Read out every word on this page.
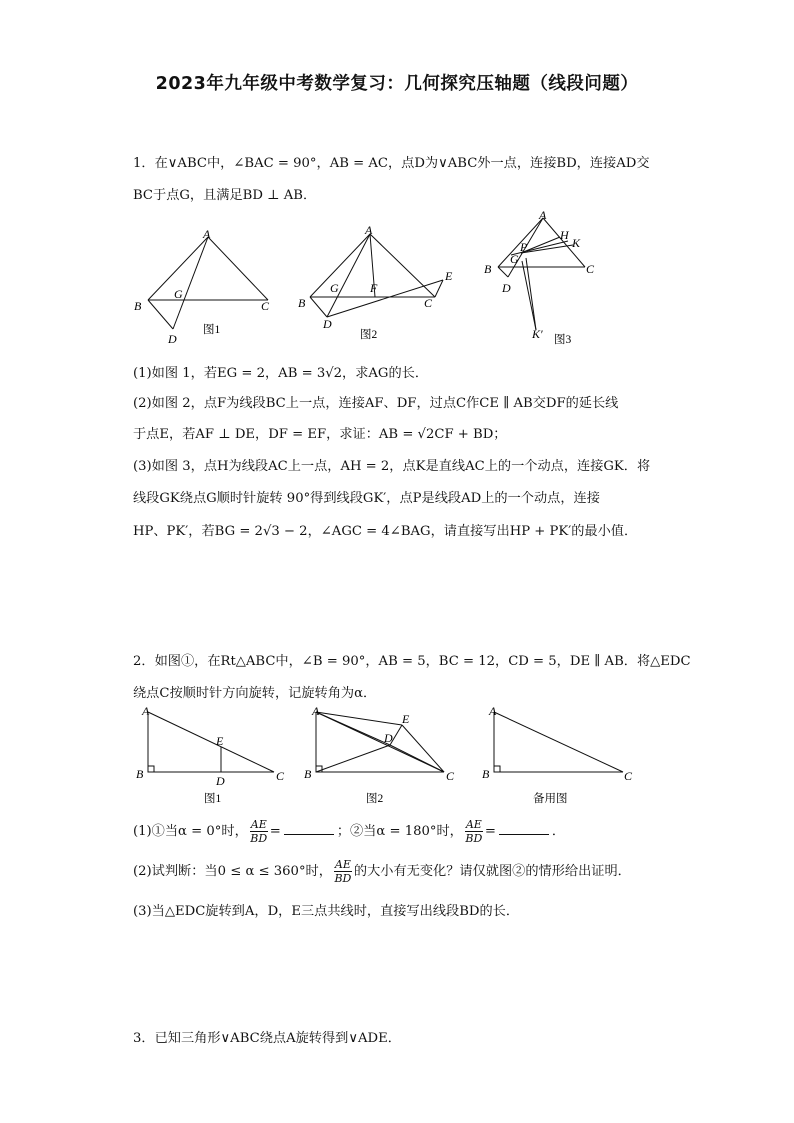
2023年九年级中考数学复习：几何探究压轴题（线段问题）
1．在∨ABC中，∠BAC = 90°，AB = AC，点D为∨ABC外一点，连接BD，连接AD交
BC于点G，且满足BD ⊥ AB．
A
B	C
D
G
图1
A
B	C
D
G	F
E
图2
A
B	C
D
G
P
H
K
K′ 图3
(1)如图 1，若EG = 2，AB = 3√2，求AG的长．
(2)如图 2，点F为线段BC上一点，连接AF、DF，过点C作CE ∥ AB交DF的延长线
于点E，若AF ⊥ DE，DF = EF，求证：AB = √2CF + BD；
(3)如图 3，点H为线段AC上一点，AH = 2，点K是直线AC上的一个动点，连接GK．将
线段GK绕点G顺时针旋转 90°得到线段GK′，点P是线段AD上的一个动点，连接
HP、PK′，若BG = 2√3 − 2，∠AGC = 4∠BAG，请直接写出HP + PK′的最小值．
2．如图①，在Rt△ABC中，∠B = 90°，AB = 5，BC = 12，CD = 5，DE ∥ AB．将△EDC
绕点C按顺时针方向旋转，记旋转角为α．
A
B	C
D
E
图1
A
B	C
D
E
图2
A
B	C
备用图
(1)①当α = 0°时， $\frac{AE}{BD}$ =	；②当α = 180°时， $\frac{AE}{BD}$ =	．
(2)试判断：当0 ≤ α ≤ 360°时， $\frac{AE}{BD}$ 的大小有无变化？请仅就图②的情形给出证明．
(3)当△EDC旋转到A，D，E三点共线时，直接写出线段BD的长．
3．已知三角形∨ABC绕点A旋转得到∨ADE．
